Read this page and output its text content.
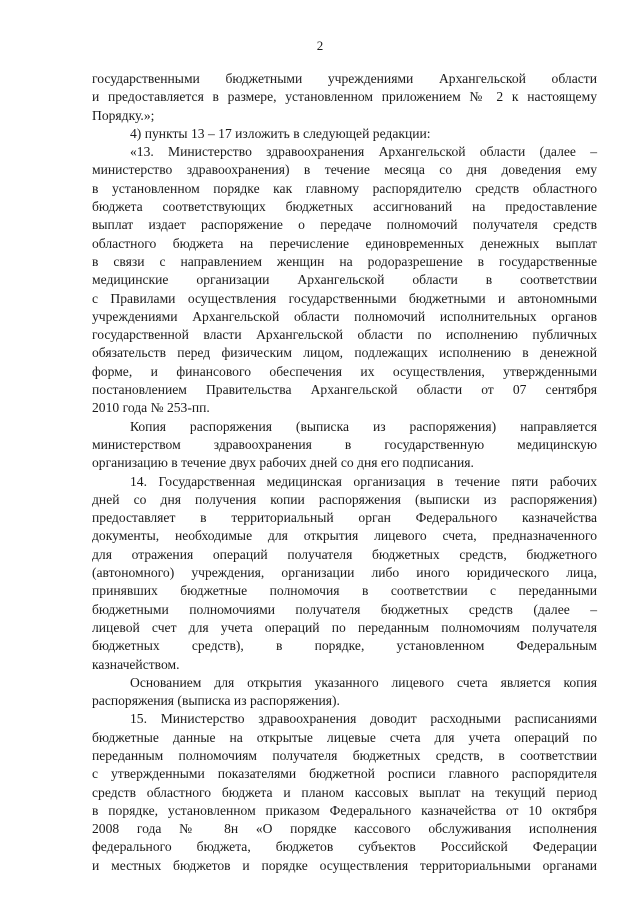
2
государственными бюджетными учреждениями Архангельской области
и предоставляется в размере, установленном приложением № 2 к настоящему
Порядку.»;
4) пункты 13 – 17 изложить в следующей редакции:
«13. Министерство здравоохранения Архангельской области (далее –
министерство здравоохранения) в течение месяца со дня доведения ему
в установленном порядке как главному распорядителю средств областного
бюджета соответствующих бюджетных ассигнований на предоставление
выплат издает распоряжение о передаче полномочий получателя средств
областного бюджета на перечисление единовременных денежных выплат
в связи с направлением женщин на родоразрешение в государственные
медицинские организации Архангельской области в соответствии
с Правилами осуществления государственными бюджетными и автономными
учреждениями Архангельской области полномочий исполнительных органов
государственной власти Архангельской области по исполнению публичных
обязательств перед физическим лицом, подлежащих исполнению в денежной
форме, и финансового обеспечения их осуществления, утвержденными
постановлением Правительства Архангельской области от 07 сентября
2010 года № 253-пп.
Копия распоряжения (выписка из распоряжения) направляется
министерством здравоохранения в государственную медицинскую
организацию в течение двух рабочих дней со дня его подписания.
14. Государственная медицинская организация в течение пяти рабочих
дней со дня получения копии распоряжения (выписки из распоряжения)
предоставляет в территориальный орган Федерального казначейства
документы, необходимые для открытия лицевого счета, предназначенного
для отражения операций получателя бюджетных средств, бюджетного
(автономного) учреждения, организации либо иного юридического лица,
принявших бюджетные полномочия в соответствии с переданными
бюджетными полномочиями получателя бюджетных средств (далее –
лицевой счет для учета операций по переданным полномочиям получателя
бюджетных средств), в порядке, установленном Федеральным
казначейством.
Основанием для открытия указанного лицевого счета является копия
распоряжения (выписка из распоряжения).
15. Министерство здравоохранения доводит расходными расписаниями
бюджетные данные на открытые лицевые счета для учета операций по
переданным полномочиям получателя бюджетных средств, в соответствии
с утвержденными показателями бюджетной росписи главного распорядителя
средств областного бюджета и планом кассовых выплат на текущий период
в порядке, установленном приказом Федерального казначейства от 10 октября
2008 года № 8н «О порядке кассового обслуживания исполнения
федерального бюджета, бюджетов субъектов Российской Федерации
и местных бюджетов и порядке осуществления территориальными органами
